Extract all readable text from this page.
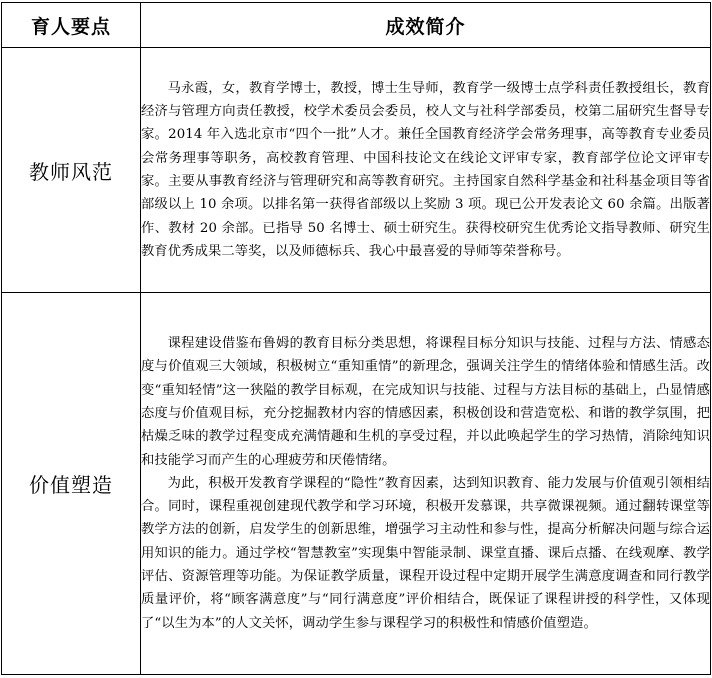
育人要点	成效简介
教师风范	马永霞，女，教育学博士，教授，博士生导师，教育学一级博士点学科责任教授组长，教育经济与管理方向责任教授，校学术委员会委员，校人文与社科学部委员，校第二届研究生督导专家。2014 年入选北京市“四个一批”人才。兼任全国教育经济学会常务理事，高等教育专业委员会常务理事等职务，高校教育管理、中国科技论文在线论文评审专家，教育部学位论文评审专家。主要从事教育经济与管理研究和高等教育研究。主持国家自然科学基金和社科基金项目等省部级以上 10 余项。以排名第一获得省部级以上奖励 3 项。现已公开发表论文 60 余篇。出版著作、教材 20 余部。已指导 50 名博士、硕士研究生。获得校研究生优秀论文指导教师、研究生教育优秀成果二等奖，以及师德标兵、我心中最喜爱的导师等荣誉称号。

价值塑造	课程建设借鉴布鲁姆的教育目标分类思想，将课程目标分知识与技能、过程与方法、情感态度与价值观三大领域，积极树立“重知重情”的新理念，强调关注学生的情绪体验和情感生活。改变“重知轻情”这一狭隘的教学目标观，在完成知识与技能、过程与方法目标的基础上，凸显情感态度与价值观目标，充分挖掘教材内容的情感因素，积极创设和营造宽松、和谐的教学氛围，把枯燥乏味的教学过程变成充满情趣和生机的享受过程，并以此唤起学生的学习热情，消除纯知识和技能学习而产生的心理疲劳和厌倦情绪。

为此，积极开发教育学课程的“隐性”教育因素，达到知识教育、能力发展与价值观引领相结合。同时，课程重视创建现代教学和学习环境，积极开发慕课，共享微课视频。通过翻转课堂等教学方法的创新，启发学生的创新思维，增强学习主动性和参与性，提高分析解决问题与综合运用知识的能力。通过学校“智慧教室”实现集中智能录制、课堂直播、课后点播、在线观摩、教学评估、资源管理等功能。为保证教学质量，课程开设过程中定期开展学生满意度调查和同行教学质量评价，将“顾客满意度”与“同行满意度”评价相结合，既保证了课程讲授的科学性，又体现了“以生为本”的人文关怀，调动学生参与课程学习的积极性和情感价值塑造。
